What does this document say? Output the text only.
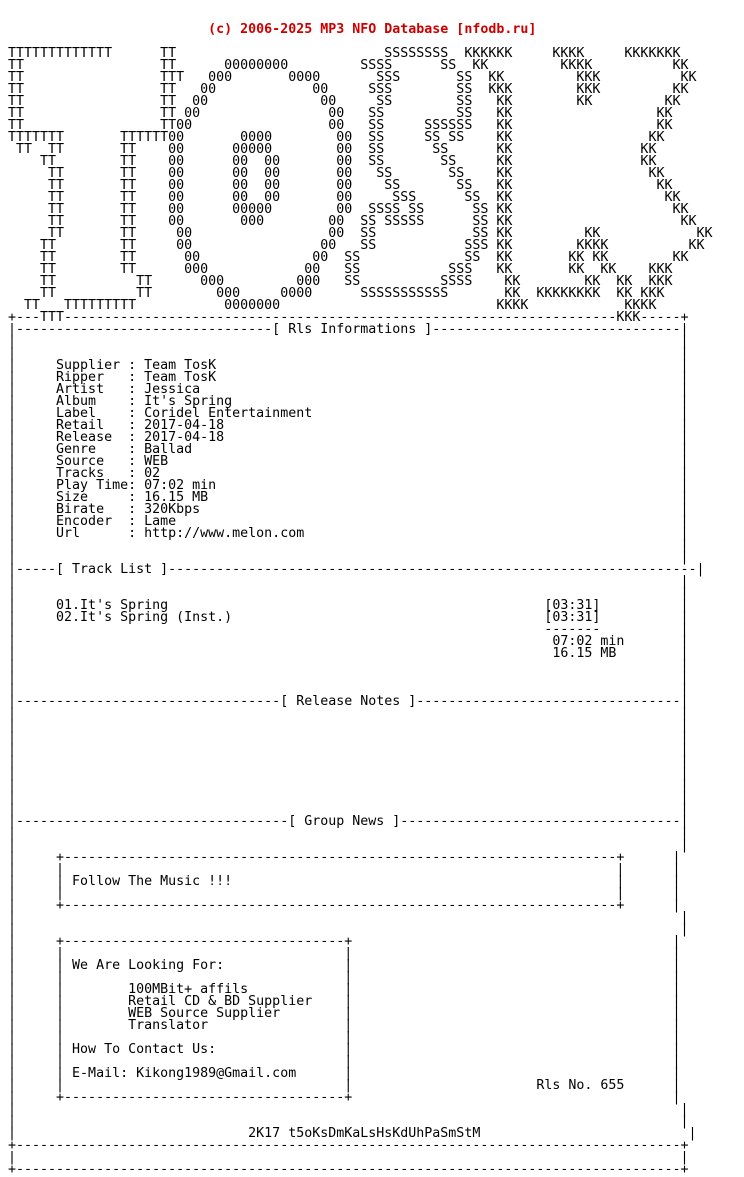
(c) 2006-2025 MP3 NFO Database [nfodb.ru]

TTTTTTTTTTTTT      TT                          SSSSSSSS  KKKKKK     KKKK     KKKKKKK
TT                 TT      00000000         SSSS      SS  KK         KKKK          KK
TT                 TTT   000       0000       SSS       SS  KK         KKK          KK
TT                 TT   00            00     SSS        SS  KKK        KKK         KK
TT                 TT  00              00     SS        SS   KK        KK         KK
TT                 TT 00                00   SS         SS   KK                  KK
TT                 TT00                 00   SS     SSSSSS   KK                  KK
TTTTTTT       TTTTTT00       0000        00  SS     SS SS    KK                 KK
TT  TT       TT    00      00000        00  SS      SS      KK                KK
TT        TT    00      00  00       00  SS       SS     KK                KK
TT       TT    00      00  00       00   SS       SS    KK                 KK
TT       TT    00      00  00       00    SS       SS   KK                  KK
TT       TT    00      00  00       00     SSS      SS  KK                   KK
TT       TT    00      00000        00  SSSS SS      SS KK                    KK
TT       TT    00       000        00  SS SSSSS      SS KK                     KK
TT       TT     00                 00  SS            SS KK         KK            KK
TT        TT     00                00   SS           SSS KK        KKKK          KK
TT        TT      00              00  SS             SS  KK       KK KK        KK
TT        TT      000            00   SS           SSS   KK       KK  KK    KKK
TT          TT      000         000   SS          SSSS    KK        KK  KK  KKK
TT          TT        000     0000      SSSSSSSSSSS       KK  KKKKKKKK  KK KKK
TT   TTTTTTTTT           0000000                           KKKK            KKKK
+---TTT---------------------------------------------------------------------KKK-----+
|--------------------------------[ Rls Informations ]-------------------------------|
|                                                                                   |
|                                                                                   |
|     Supplier : Team TosK                                                          |
|     Ripper   : Team TosK                                                          |
|     Artist   : Jessica                                                            |
|     Album    : It's Spring                                                        |
|     Label    : Coridel Entertainment                                              |
|     Retail   : 2017-04-18                                                         |
|     Release  : 2017-04-18                                                         |
|     Genre    : Ballad                                                             |
|     Source   : WEB                                                                |
|     Tracks   : 02                                                                 |
|     Play Time: 07:02 min                                                          |
|     Size     : 16.15 MB                                                           |
|     Birate   : 320Kbps                                                            |
|     Encoder  : Lame                                                               |
|     Url      : http://www.melon.com                                               |
|                                                                                   |
|                                                                                   |
|-----[ Track List ]------------------------------------------------------------------|
|                                                                                   |
|                                                                                   |
|     01.It's Spring                                               [03:31]          |
|     02.It's Spring (Inst.)                                       [03:31]          |
|                                                                  -------          |
|                                                                   07:02 min       |
|                                                                   16.15 MB        |
|                                                                                   |
|                                                                                   |
|                                                                                   |
|---------------------------------[ Release Notes ]---------------------------------|
|                                                                                   |
|                                                                                   |
|                                                                                   |
|                                                                                   |
|                                                                                   |
|                                                                                   |
|                                                                                   |
|                                                                                   |
|                                                                                   |
|----------------------------------[ Group News ]-----------------------------------|
|                                                                                   |
|                                                                                   |
|     +---------------------------------------------------------------------+      |
|     |                                                                     |      |
|     | Follow The Music !!!                                                |      |
|     |                                                                     |      |
|     +---------------------------------------------------------------------+      |
|                                                                                   |
|                                                                                   |
|     +-----------------------------------+                                        |
|     |                                   |                                        |
|     | We Are Looking For:               |                                        |
|     |                                   |                                        |
|     |        100MBit+ affils            |                                        |
|     |        Retail CD & BD Supplier    |                                        |
|     |        WEB Source Supplier        |                                        |
|     |        Translator                 |                                        |
|     |                                   |                                        |
|     | How To Contact Us:                |                                        |
|     |                                   |                                        |
|     | E-Mail: Kikong1989@Gmail.com      |                                        |
|     |                                   |                       Rls No. 655      |
|     +-----------------------------------+                                        |
|                                                                                   |
|                                                                                   |
|                             2K17 t5oKsDmKaLsHsKdUhPaSmStM                          |
+-----------------------------------------------------------------------------------+
|                                                                                   |
+-----------------------------------------------------------------------------------+
